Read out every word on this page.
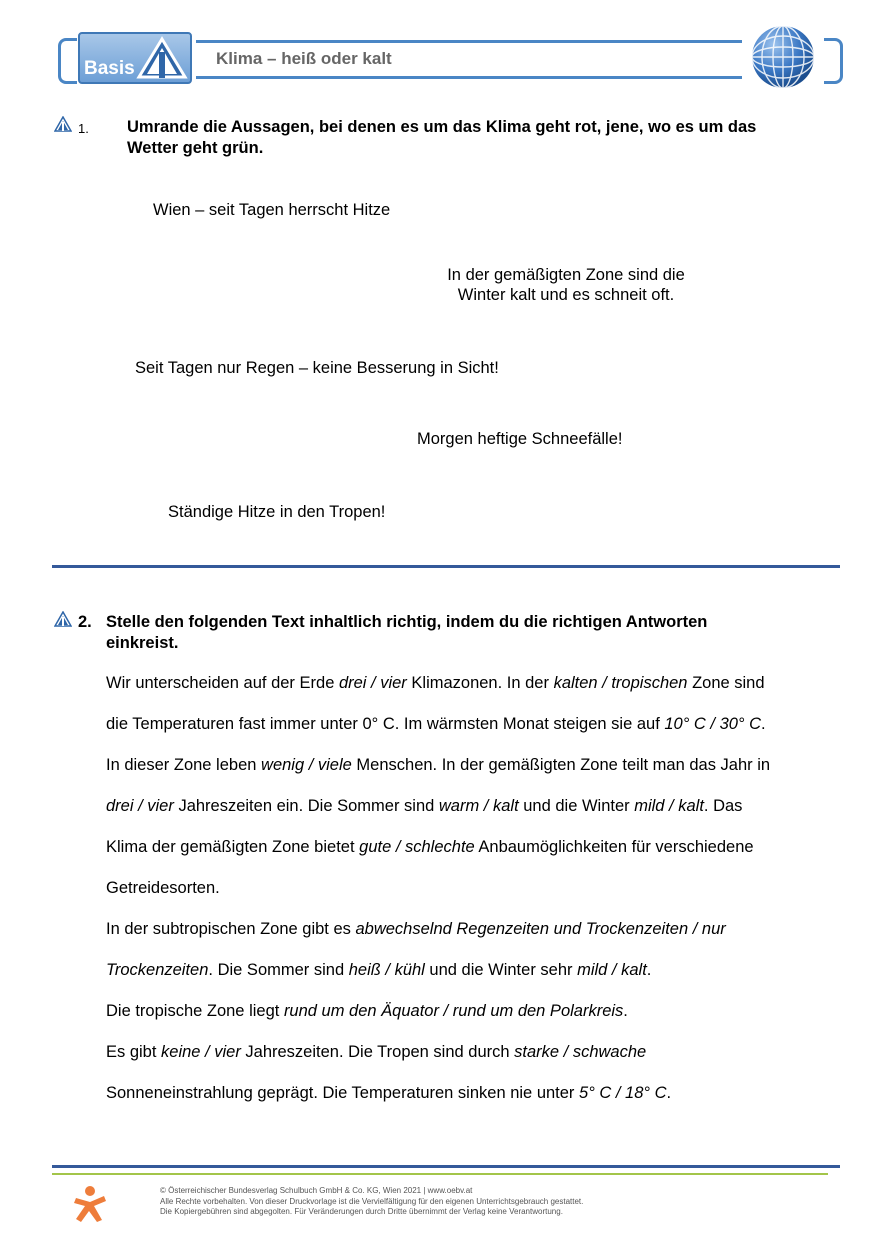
Basis	Klima – heiß oder kalt
1. Umrande die Aussagen, bei denen es um das Klima geht rot, jene, wo es um das
Wetter geht grün.
Wien – seit Tagen herrscht Hitze
In der gemäßigten Zone sind die
Winter kalt und es schneit oft.
Seit Tagen nur Regen – keine Besserung in Sicht!
Morgen heftige Schneefälle!
Ständige Hitze in den Tropen!
2. Stelle den folgenden Text inhaltlich richtig, indem du die richtigen Antworten
einkreist.

Wir unterscheiden auf der Erde drei / vier Klimazonen. In der kalten / tropischen Zone sind

die Temperaturen fast immer unter 0° C. Im wärmsten Monat steigen sie auf 10° C / 30° C.

In dieser Zone leben wenig / viele Menschen. In der gemäßigten Zone teilt man das Jahr in

drei / vier Jahreszeiten ein. Die Sommer sind warm / kalt und die Winter mild / kalt. Das

Klima der gemäßigten Zone bietet gute / schlechte Anbaumöglichkeiten für verschiedene

Getreidesorten.

In der subtropischen Zone gibt es abwechselnd Regenzeiten und Trockenzeiten / nur

Trockenzeiten. Die Sommer sind heiß / kühl und die Winter sehr mild / kalt.

Die tropische Zone liegt rund um den Äquator / rund um den Polarkreis.

Es gibt keine / vier Jahreszeiten. Die Tropen sind durch starke / schwache

Sonneneinstrahlung geprägt. Die Temperaturen sinken nie unter 5° C / 18° C.

© Österreichischer Bundesverlag Schulbuch GmbH & Co. KG, Wien 2021 | www.oebv.at
Alle Rechte vorbehalten. Von dieser Druckvorlage ist die Vervielfältigung für den eigenen Unterrichtsgebrauch gestattet.
Die Kopiergebühren sind abgegolten. Für Veränderungen durch Dritte übernimmt der Verlag keine Verantwortung.
